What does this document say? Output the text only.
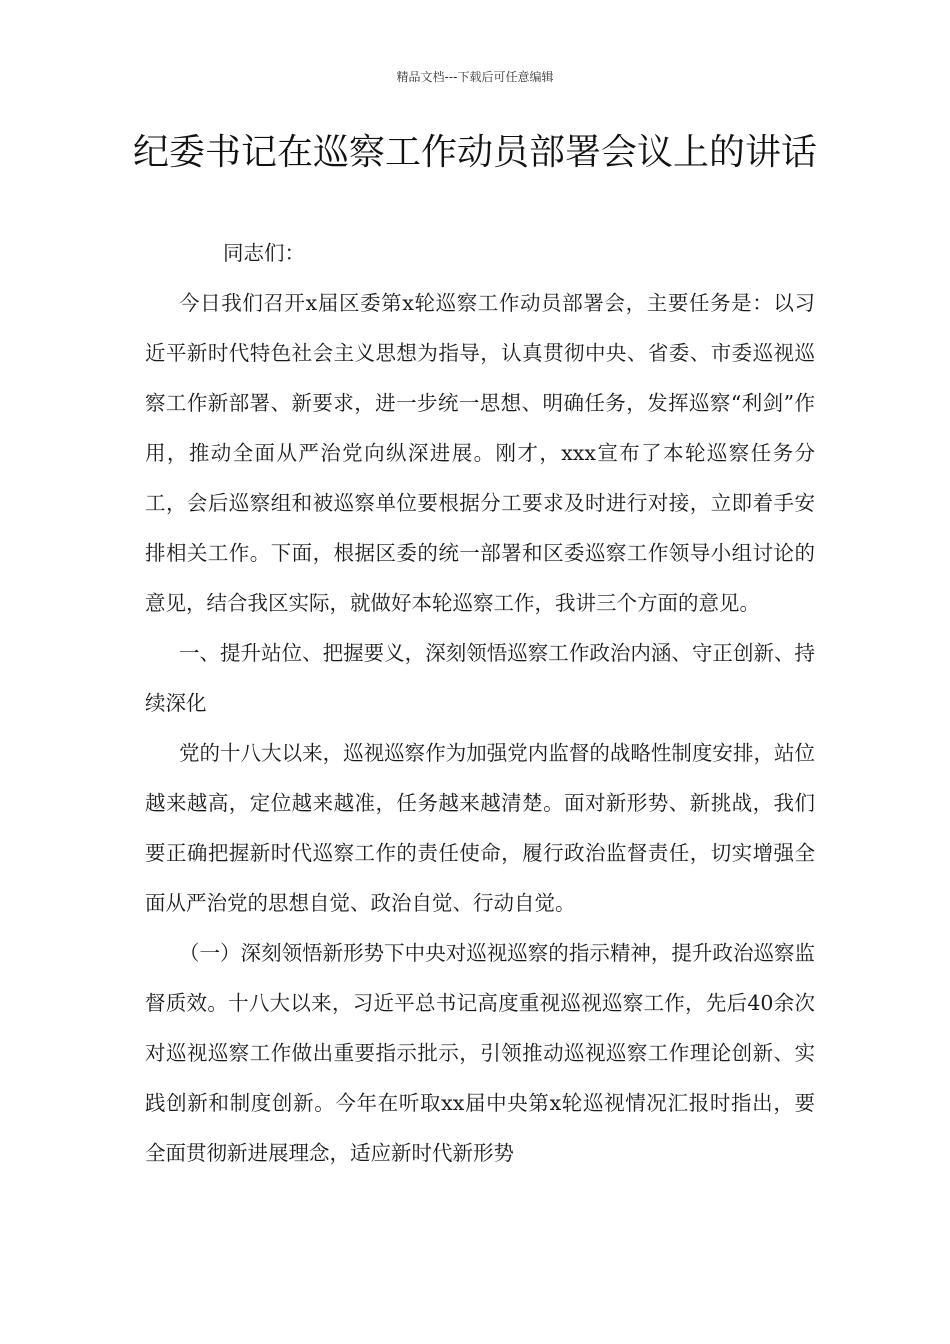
精品文档---下载后可任意编辑
纪委书记在巡察工作动员部署会议上的讲话

同志们：

今日我们召开x届区委第x轮巡察工作动员部署会，主要任务是：以习近平新时代特色社会主义思想为指导，认真贯彻中央、省委、市委巡视巡察工作新部署、新要求，进一步统一思想、明确任务，发挥巡察“利剑”作用，推动全面从严治党向纵深进展。刚才，xxx宣布了本轮巡察任务分工，会后巡察组和被巡察单位要根据分工要求及时进行对接，立即着手安排相关工作。下面，根据区委的统一部署和区委巡察工作领导小组讨论的意见，结合我区实际，就做好本轮巡察工作，我讲三个方面的意见。

一、提升站位、把握要义，深刻领悟巡察工作政治内涵、守正创新、持续深化

党的十八大以来，巡视巡察作为加强党内监督的战略性制度安排，站位越来越高，定位越来越准，任务越来越清楚。面对新形势、新挑战，我们要正确把握新时代巡察工作的责任使命，履行政治监督责任，切实增强全面从严治党的思想自觉、政治自觉、行动自觉。

（一）深刻领悟新形势下中央对巡视巡察的指示精神，提升政治巡察监督质效。十八大以来，习近平总书记高度重视巡视巡察工作，先后40余次对巡视巡察工作做出重要指示批示，引领推动巡视巡察工作理论创新、实践创新和制度创新。今年在听取xx届中央第x轮巡视情况汇报时指出，要全面贯彻新进展理念，适应新时代新形势
